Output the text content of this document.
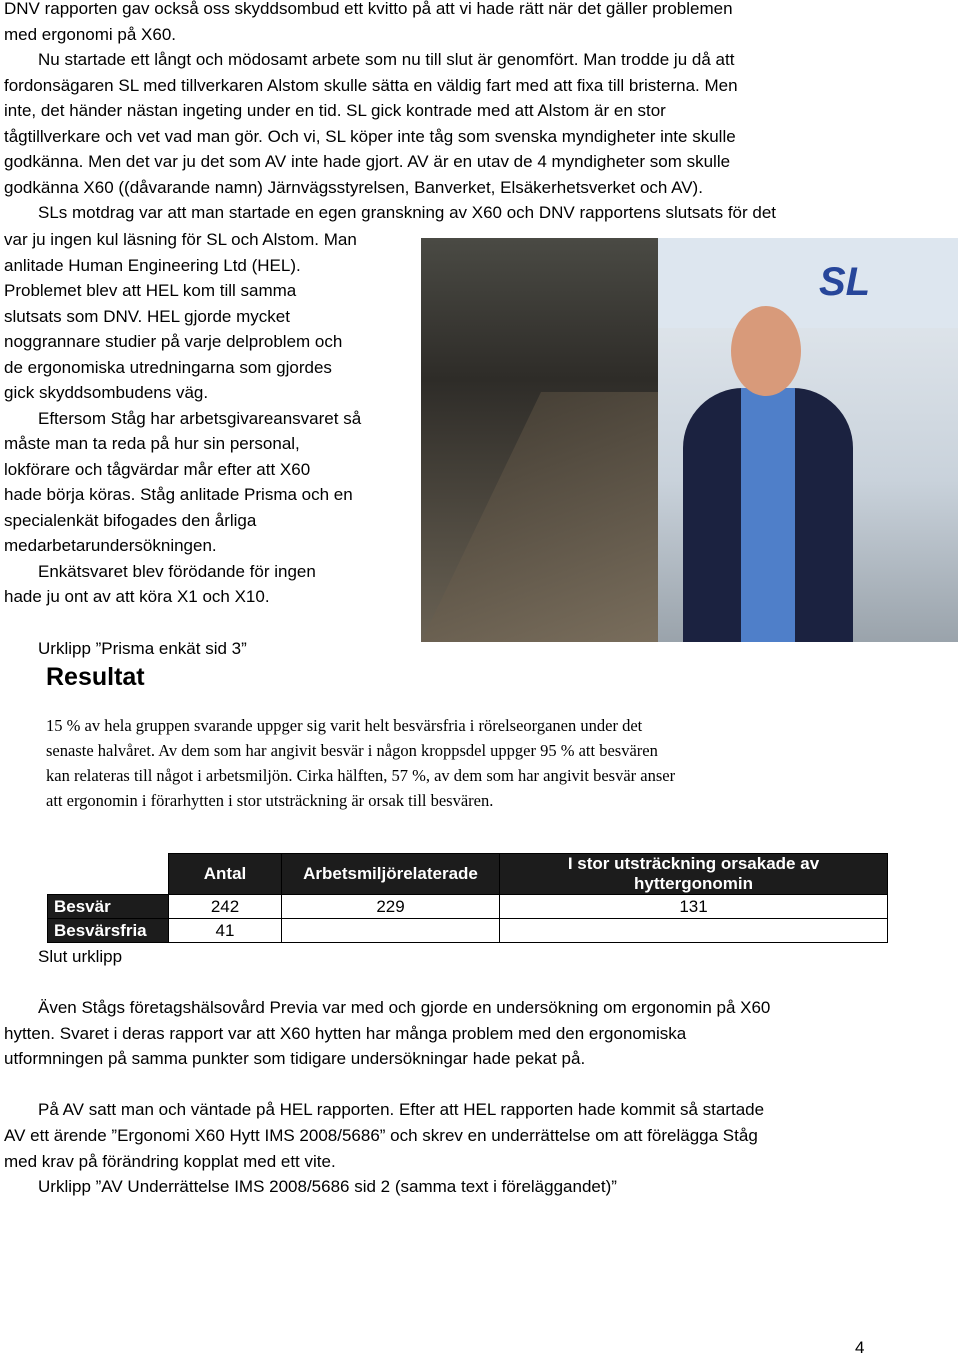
DNV rapporten gav också oss skyddsombud ett kvitto på att vi hade rätt när det gäller problemen

med ergonomi på X60.

Nu startade ett långt och mödosamt arbete som nu till slut är genomfört. Man trodde ju då att

fordonsägaren SL med tillverkaren Alstom skulle sätta en väldig fart med att fixa till bristerna. Men

inte, det händer nästan ingeting under en tid. SL gick kontrade med att Alstom är en stor

tågtillverkare och vet vad man gör. Och vi, SL köper inte tåg som svenska myndigheter inte skulle

godkänna. Men det var ju det som AV inte hade gjort. AV är en utav de 4 myndigheter som skulle

godkänna X60 ((dåvarande namn) Järnvägsstyrelsen, Banverket, Elsäkerhetsverket och AV).

SLs motdrag var att man startade en egen granskning av X60 och DNV rapportens slutsats för det

var ju ingen kul läsning för SL och Alstom. Man

anlitade Human Engineering Ltd (HEL).

Problemet blev att HEL kom till samma

slutsats som DNV. HEL gjorde mycket

noggrannare studier på varje delproblem och

de ergonomiska utredningarna som gjordes

gick skyddsombudens väg.

Eftersom Ståg har arbetsgivareansvaret så

måste man ta reda på hur sin personal,

lokförare och tågvärdar mår efter att X60

hade börja köras. Ståg anlitade Prisma och en

specialenkät bifogades den årliga

medarbetarundersökningen.

Enkätsvaret blev förödande för ingen

hade ju ont av att köra X1 och X10.

SL

Urklipp ”Prisma enkät sid 3”

Resultat
15 % av hela gruppen svarande uppger sig varit helt besvärsfria i rörelseorganen under det
senaste halvåret. Av dem som har angivit besvär i någon kroppsdel uppger 95 % att besvären
kan relateras till något i arbetsmiljön. Cirka hälften, 57 %, av dem som har angivit besvär anser
att ergonomin i förarhytten i stor utsträckning är orsak till besvären.
	Antal	Arbetsmiljörelaterade	I stor utsträckning orsakade av hyttergonomin
Besvär	242	229	131
Besvärsfria	41		

Slut urklipp

Även Stågs företagshälsovård Previa var med och gjorde en undersökning om ergonomin på X60

hytten. Svaret i deras rapport var att X60 hytten har många problem med den ergonomiska

utformningen på samma punkter som tidigare undersökningar hade pekat på.

På AV satt man och väntade på HEL rapporten. Efter att HEL rapporten hade kommit så startade

AV ett ärende ”Ergonomi X60 Hytt IMS 2008/5686” och skrev en underrättelse om att förelägga Ståg

med krav på förändring kopplat med ett vite.

Urklipp ”AV Underrättelse IMS 2008/5686 sid 2 (samma text i föreläggandet)”

4
